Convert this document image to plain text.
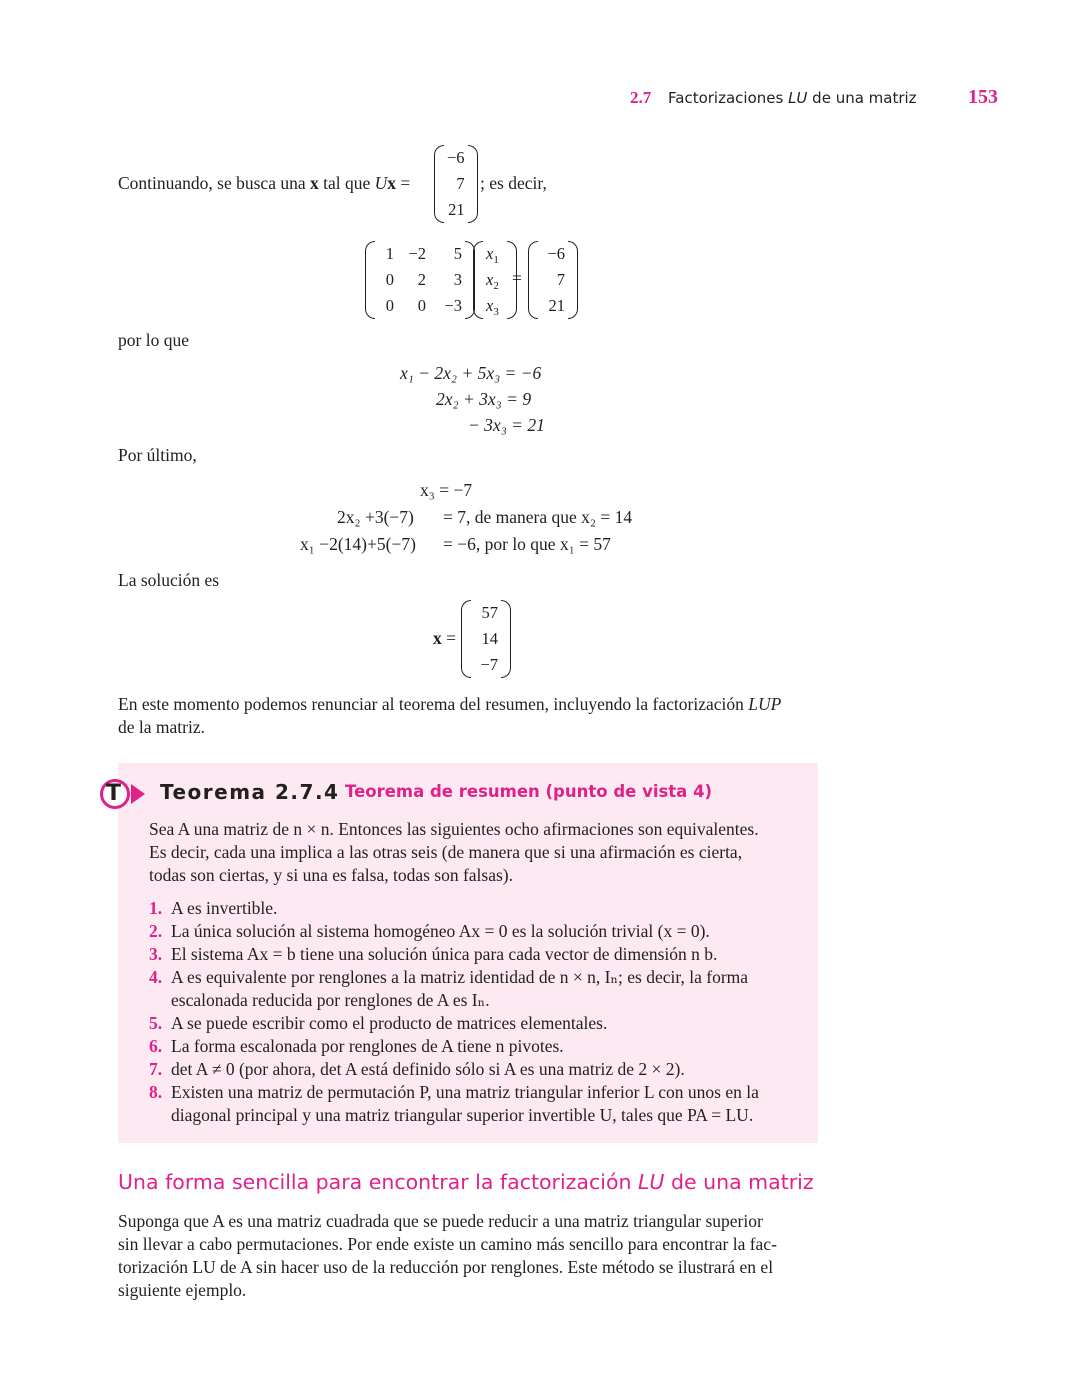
2.7 Factorizaciones LU de una matriz	153
Continuando, se busca una x tal que Ux =
−6
7
21
; es decir,
1	−2	5
0	2	3
0	0	−3
$x_1$
$x_2$
$x_3$
=
−6
7
21
por lo que
x₁ − 2x₂ + 5x₃ = −6
2x₂ + 3x₃ = 9
− 3x₃ = 21
Por último,
x₃ = −7
2x₂ +3(−7) = 7, de manera que x₂ = 14
x₁ −2(14)+5(−7) = −6, por lo que x₁ = 57
La solución es
x =
57
14
−7
En este momento podemos renunciar al teorema del resumen, incluyendo la factorización LUP
de la matriz.
T Teorema 2.7.4 Teorema de resumen (punto de vista 4)
Sea A una matriz de n × n. Entonces las siguientes ocho afirmaciones son equivalentes.
Es decir, cada una implica a las otras seis (de manera que si una afirmación es cierta,
todas son ciertas, y si una es falsa, todas son falsas).
1. A es invertible.
2. La única solución al sistema homogéneo Ax = 0 es la solución trivial (x = 0).
3. El sistema Ax = b tiene una solución única para cada vector de dimensión n b.
4. A es equivalente por renglones a la matriz identidad de n × n, Iₙ; es decir, la forma
escalonada reducida por renglones de A es Iₙ.
5. A se puede escribir como el producto de matrices elementales.
6. La forma escalonada por renglones de A tiene n pivotes.
7. det A ≠ 0 (por ahora, det A está definido sólo si A es una matriz de 2 × 2).
8. Existen una matriz de permutación P, una matriz triangular inferior L con unos en la
diagonal principal y una matriz triangular superior invertible U, tales que PA = LU.
Una forma sencilla para encontrar la factorización LU de una matriz
Suponga que A es una matriz cuadrada que se puede reducir a una matriz triangular superior
sin llevar a cabo permutaciones. Por ende existe un camino más sencillo para encontrar la fac-
torización LU de A sin hacer uso de la reducción por renglones. Este método se ilustrará en el
siguiente ejemplo.
